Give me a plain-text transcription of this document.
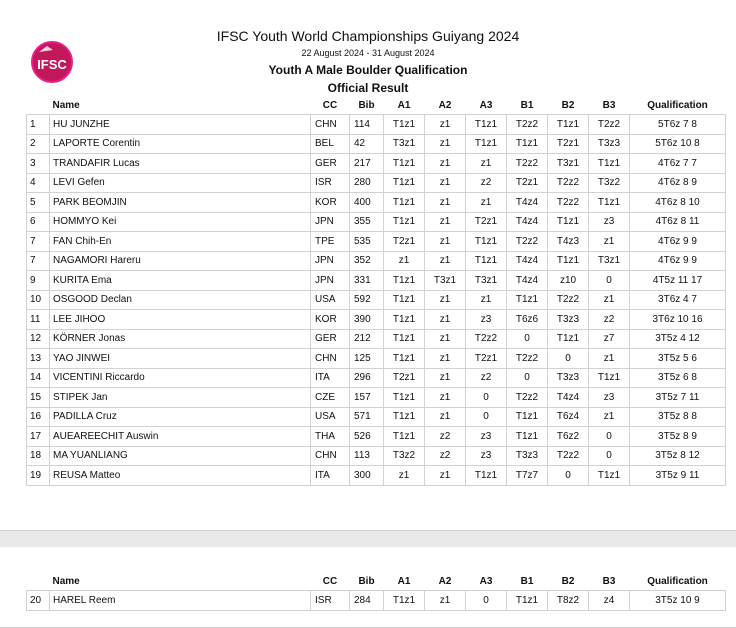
IFSC
IFSC Youth World Championships Guiyang 2024
22 August 2024 - 31 August 2024
Youth A Male Boulder Qualification
Official Result
	Name	CC	Bib	A1	A2	A3	B1	B2	B3	Qualification
1	HU JUNZHE	CHN	114	T1z1	z1	T1z1	T2z2	T1z1	T2z2	5T6z 7 8
2	LAPORTE Corentin	BEL	42	T3z1	z1	T1z1	T1z1	T2z1	T3z3	5T6z 10 8
3	TRANDAFIR Lucas	GER	217	T1z1	z1	z1	T2z2	T3z1	T1z1	4T6z 7 7
4	LEVI Gefen	ISR	280	T1z1	z1	z2	T2z1	T2z2	T3z2	4T6z 8 9
5	PARK BEOMJIN	KOR	400	T1z1	z1	z1	T4z4	T2z2	T1z1	4T6z 8 10
6	HOMMYO Kei	JPN	355	T1z1	z1	T2z1	T4z4	T1z1	z3	4T6z 8 11
7	FAN Chih-En	TPE	535	T2z1	z1	T1z1	T2z2	T4z3	z1	4T6z 9 9
7	NAGAMORI Hareru	JPN	352	z1	z1	T1z1	T4z4	T1z1	T3z1	4T6z 9 9
9	KURITA Ema	JPN	331	T1z1	T3z1	T3z1	T4z4	z10	0	4T5z 11 17
10	OSGOOD Declan	USA	592	T1z1	z1	z1	T1z1	T2z2	z1	3T6z 4 7
11	LEE JIHOO	KOR	390	T1z1	z1	z3	T6z6	T3z3	z2	3T6z 10 16
12	KÖRNER Jonas	GER	212	T1z1	z1	T2z2	0	T1z1	z7	3T5z 4 12
13	YAO JINWEI	CHN	125	T1z1	z1	T2z1	T2z2	0	z1	3T5z 5 6
14	VICENTINI Riccardo	ITA	296	T2z1	z1	z2	0	T3z3	T1z1	3T5z 6 8
15	STIPEK Jan	CZE	157	T1z1	z1	0	T2z2	T4z4	z3	3T5z 7 11
16	PADILLA Cruz	USA	571	T1z1	z1	0	T1z1	T6z4	z1	3T5z 8 8
17	AUEAREECHIT Auswin	THA	526	T1z1	z2	z3	T1z1	T6z2	0	3T5z 8 9
18	MA YUANLIANG	CHN	113	T3z2	z2	z3	T3z3	T2z2	0	3T5z 8 12
19	REUSA Matteo	ITA	300	z1	z1	T1z1	T7z7	0	T1z1	3T5z 9 11
	Name	CC	Bib	A1	A2	A3	B1	B2	B3	Qualification
20	HAREL Reem	ISR	284	T1z1	z1	0	T1z1	T8z2	z4	3T5z 10 9
